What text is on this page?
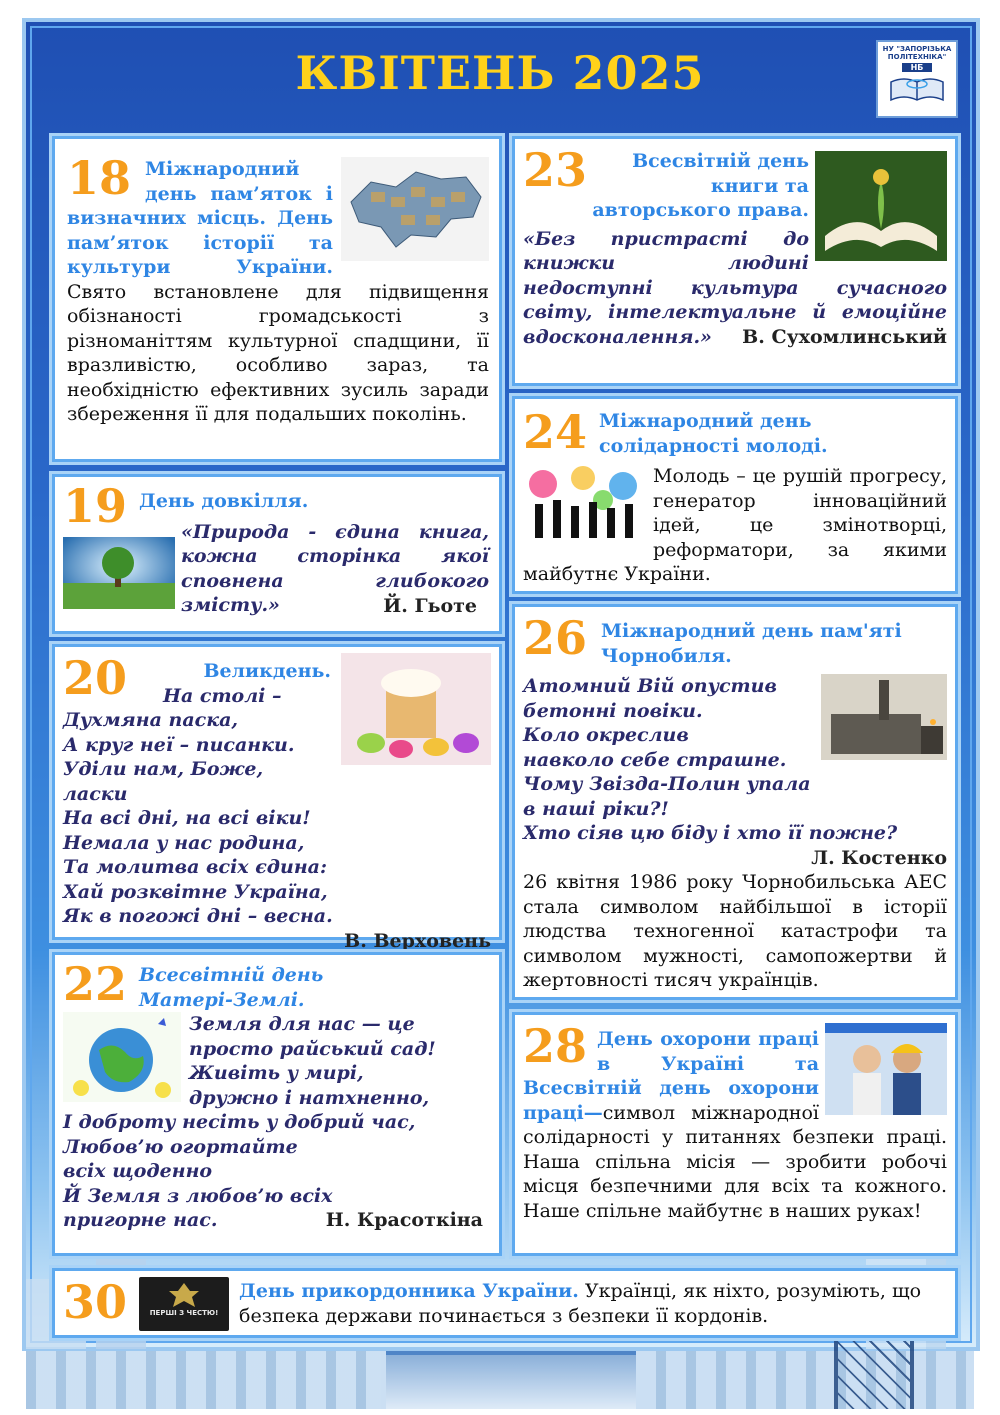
КВІТЕНЬ 2025	НУ "ЗАПОРІЗЬКА ПОЛІТЕХНІКА"
НБ
18 Міжнародний день пам’яток і визначних місць. День пам’яток історії та культури України. Свято встановлене для підвищення обізнаності громадськості з різноманіттям культурної спадщини, її вразливістю, особливо зараз, та необхідністю ефективних зусиль заради збереження її для подальших поколінь.
19 День довкілля.
«Природа - єдина книга, кожна сторінка якої сповнена глибокого змісту.»	Й. Гьоте
20	Великдень.
На столі –
Духмяна паска,
А круг неї – писанки.
Уділи нам, Боже, ласки
На всі дні, на всі віки!
Немала у нас родина,
Та молитва всіх єдина:
Хай розквітне Україна,
Як в погожі дні – весна.
В. Верховень
22 Всесвітній день
Матері-Землі.
Земля для нас — це
просто райський сад!
Живіть у мирі,
дружно і натхненно,
І доброту несіть у добрий час,
Любов’ю огортайте
всіх щоденно
Й Земля з любов’ю всіх
пригорне нас.	Н. Красоткіна
23	Всесвітній день книги та авторського права.
«Без пристрасті до книжки людині недоступні культура сучасного світу, інтелектуальне й емоційне вдосконалення.»	В. Сухомлинський
24 Міжнародний день солідарності молоді.
Молодь – це рушій прогресу, генератор інноваційний ідей, це змінотворці, реформатори, за якими майбутнє України.
26 Міжнародний день пам'яті Чорнобиля.
Атомний Вій опустив
бетонні повіки.
Коло окреслив
навколо себе страшне.
Чому Звізда-Полин упала
в наші ріки?!
Хто сіяв цю біду і хто її пожне?
Л. Костенко
26 квітня 1986 року Чорнобильська АЕС стала символом найбільшої в історії людства техногенної катастрофи та символом мужності, самопожертви й жертовності тисяч українців.
28 День охорони праці в Україні та Всесвітній день охорони праці—символ міжнародної солідарності у питаннях безпеки праці. Наша спільна місія — зробити робочі місця безпечними для всіх та кожного. Наше спільне майбутнє в наших руках!
30	ПЕРШІ З ЧЕСТЮ!
День прикордонника України. Українці, як ніхто, розуміють, що безпека держави починається з безпеки її кордонів.
